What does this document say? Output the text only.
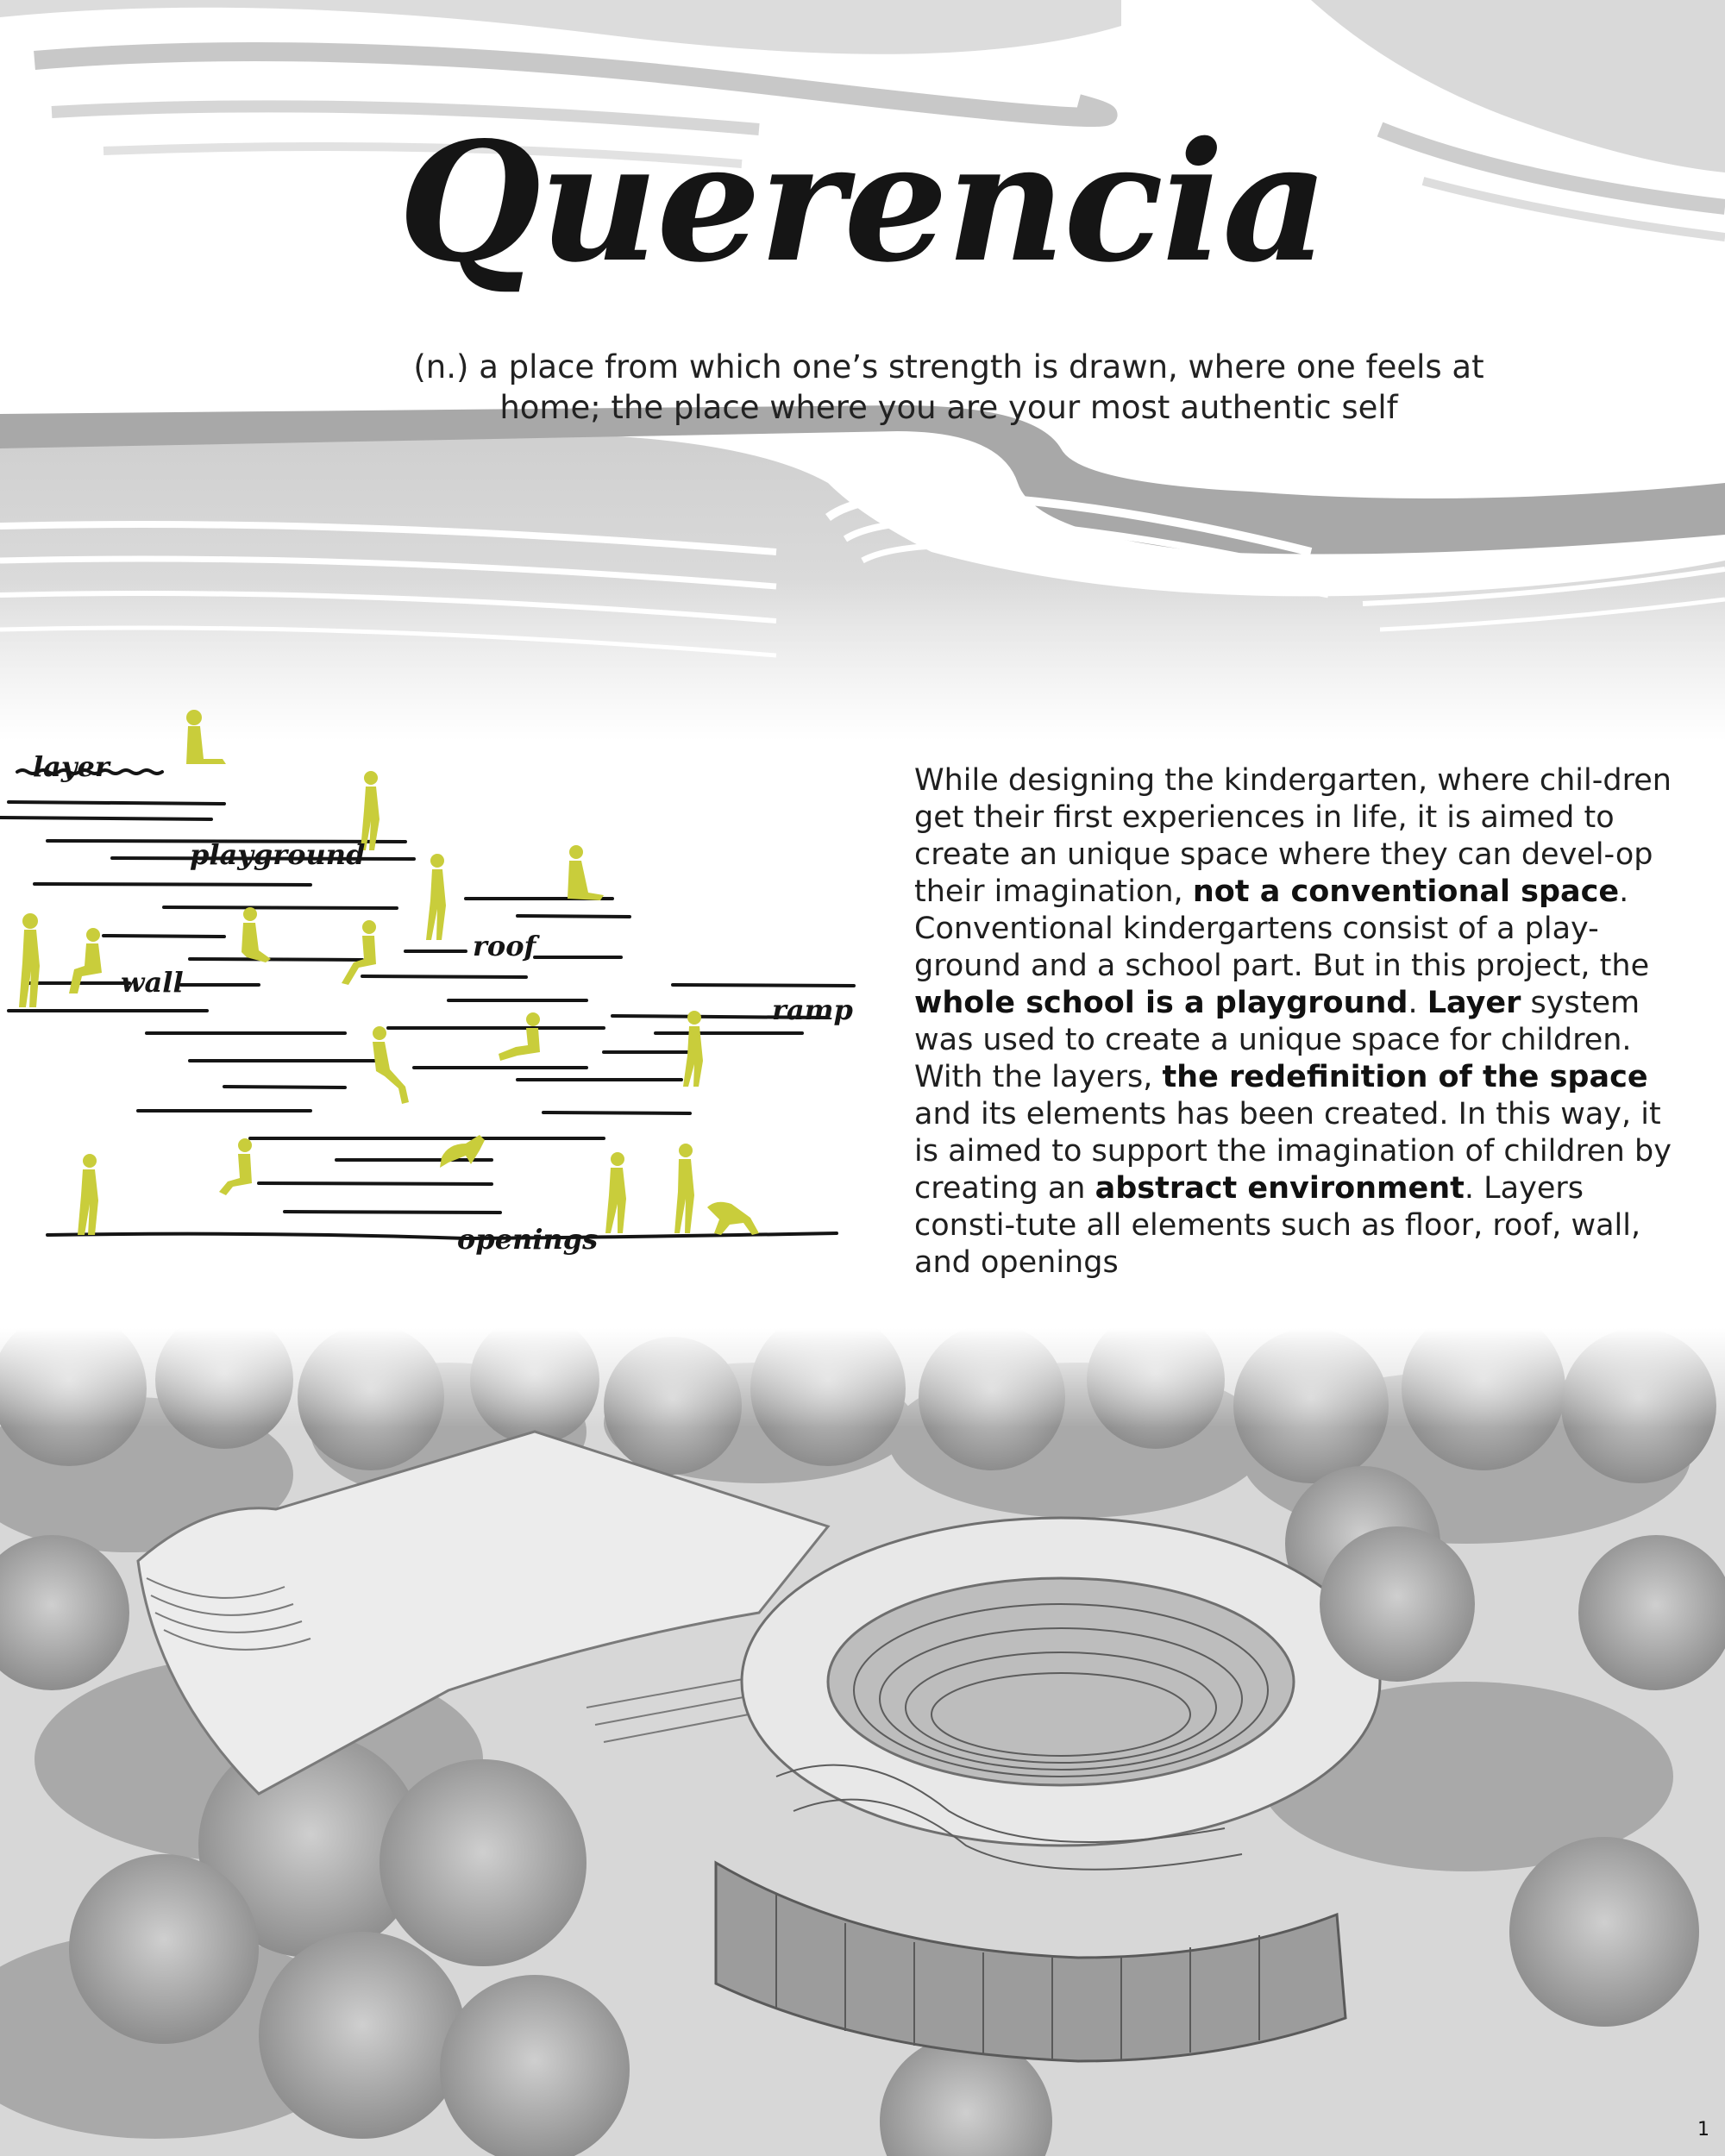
Querencia
(n.) a place from which one’s strength is drawn, where one feels at
home; the place where you are your most authentic self
layer
playground
roof
wall
ramp
openings
While designing the kindergarten, where chil-dren get their first experiences in life, it is aimed to create an unique space where they can devel-op their imagination, not a conventional space. Conventional kindergartens consist of a play-ground and a school part. But in this project, the whole school is a playground. Layer system was used to create a unique space for children. With the layers, the redefinition of the space and its elements has been created. In this way, it is aimed to support the imagination of children by creating an abstract environment. Layers consti-tute all elements such as floor, roof, wall, and openings
1
